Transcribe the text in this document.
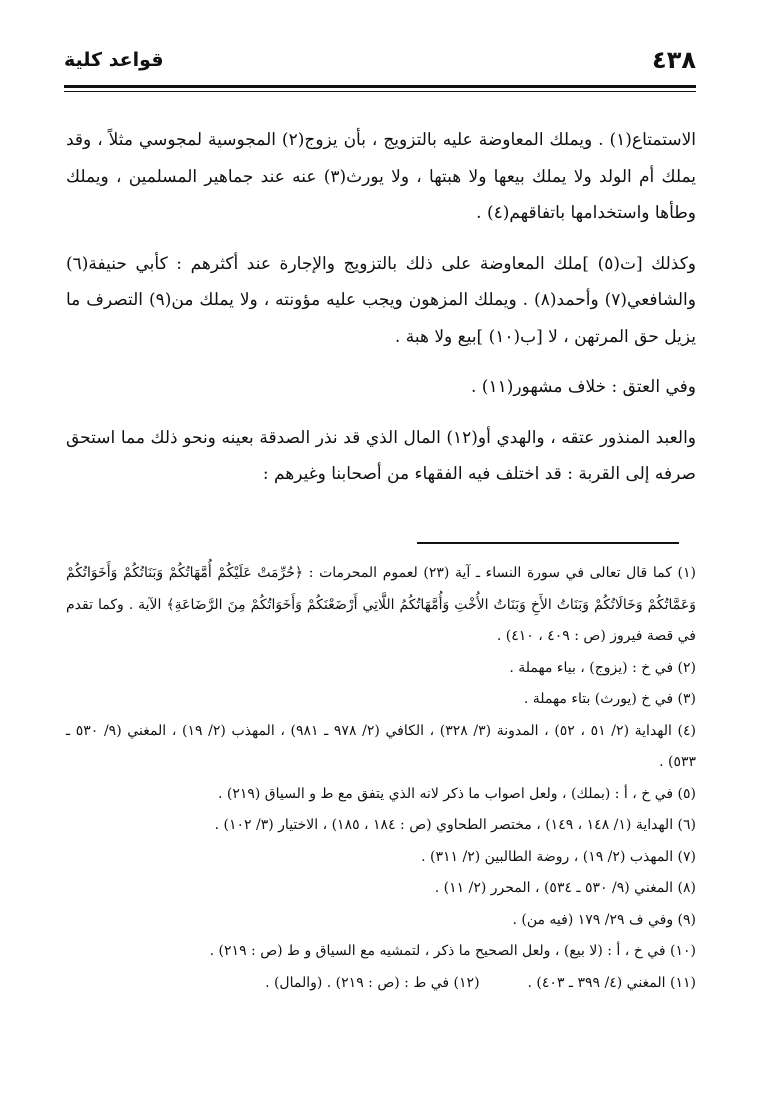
٤٣٨
قواعد كلية

الاستمتاع(١) . ويملك المعاوضة عليه بالتزويج ، بأن يزوج(٢) المجوسية لمجوسي مثلاً ، وقد يملك أم الولد ولا يملك بيعها ولا هبتها ، ولا يورث(٣) عنه عند جماهير المسلمين ، ويملك وطأها واستخدامها باتفاقهم(٤) .

وكذلك [ت(٥) ]ملك المعاوضة على ذلك بالتزويج والإجارة عند أكثرهم : كأبي حنيفة(٦) والشافعي(٧) وأحمد(٨) . ويملك المزهون ويجب عليه مؤونته ، ولا يملك من(٩) التصرف ما يزيل حق المرتهن ، لا [ب(١٠) ]بيع ولا هبة .

وفي العتق : خلاف مشهور(١١) .

والعبد المنذور عتقه ، والهدي أو(١٢) المال الذي قد نذر الصدقة بعينه ونحو ذلك مما استحق صرفه إلى القربة : قد اختلف فيه الفقهاء من أصحابنا وغيرهم :

(١) كما قال تعالى في سورة النساء ـ آية (٢٣) لعموم المحرمات : ﴿حُرِّمَتْ عَلَيْكُمْ أُمَّهَاتُكُمْ وَبَنَاتُكُمْ وَأَخَوَاتُكُمْ وَعَمَّاتُكُمْ وَخَالَاتُكُمْ وَبَنَاتُ الأَخِ وَبَنَاتُ الأُخْتِ وَأُمَّهَاتُكُمُ اللَّاتِي أَرْضَعْنَكُمْ وَأَخَوَاتُكُمْ مِنَ الرَّضَاعَةِ﴾ الآية . وكما تقدم في قصة فيروز (ص : ٤٠٩ ، ٤١٠) .

(٢) في خ : (يزوج) ، بياء مهملة .

(٣) في خ (يورث) بتاء مهملة .

(٤) الهداية (٢/ ٥١ ، ٥٢) ، المدونة (٣/ ٣٢٨) ، الكافي (٢/ ٩٧٨ ـ ٩٨١) ، المهذب (٢/ ١٩) ، المغني (٩/ ٥٣٠ ـ ٥٣٣) .

(٥) في خ ، أ : (بملك) ، ولعل اصواب ما ذكر لانه الذي يتفق مع ط و السياق (٢١٩) .

(٦) الهداية (١/ ١٤٨ ، ١٤٩) ، مختصر الطحاوي (ص : ١٨٤ ، ١٨٥) ، الاختيار (٣/ ١٠٢) .

(٧) المهذب (٢/ ١٩) ، روضة الطالبين (٢/ ٣١١) .

(٨) المغني (٩/ ٥٣٠ ـ ٥٣٤) ، المحرر (٢/ ١١) .

(٩) وفي ف ٢٩/ ١٧٩ (فيه من) .

(١٠) في خ ، أ : (لا بيع) ، ولعل الصحيح ما ذكر ، لتمشيه مع السياق و ط (ص : ٢١٩) .

(١١) المغني (٤/ ٣٩٩ ـ ٤٠٣) .
(١٢) في ط : (ص : ٢١٩) . (والمال) .
